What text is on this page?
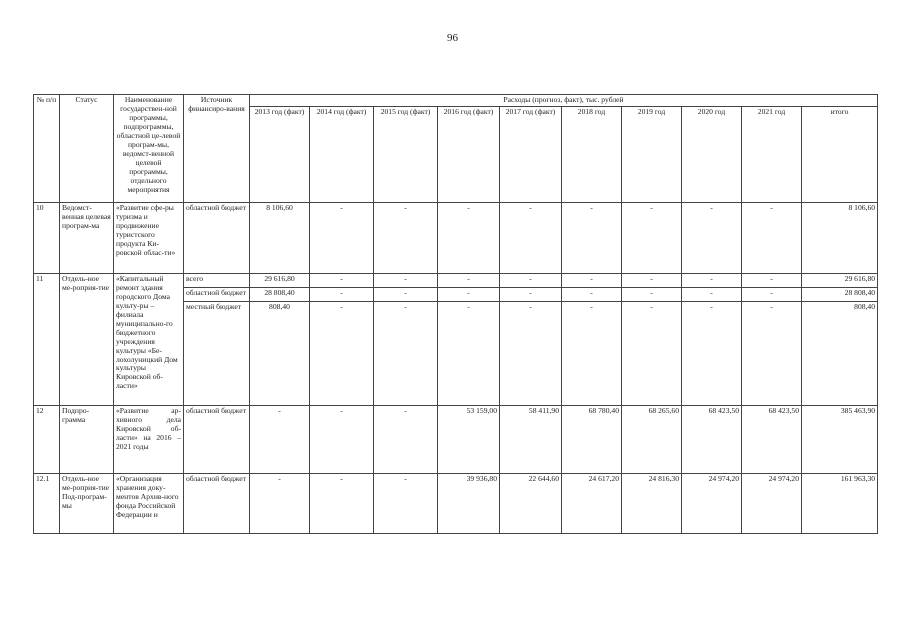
96
№ п/п	Статус	Наименование государствен-ной программы, подпрограммы, областной це-левой програм-мы, ведомст-венной целевой программы, отдельного мероприятия	Источник финансиро-вания	Расходы (прогноз, факт), тыс. рублей									
				2013 год (факт)	2014 год (факт)	2015 год (факт)	2016 год (факт)	2017 год (факт)	2018 год	2019 год	2020 год	2021 год	итого
10	Ведомст-венная целевая програм-ма	«Развитие сфе-ры туризма и продвижение туристского продукта Ки-ровской облас-ти»	областной бюджет	8 106,60	-	-	-	-	-	-	-	-	8 106,60
11	Отдель-ное ме-роприя-тие	«Капитальный ремонт здания городского Дома культу-ры – филиала муниципально-го бюджетного учреждения культуры «Бе-лохолуницкий Дом культуры Кировской об-ласти»	всего	29 616,80	-	-	-	-	-	-	-	-	29 616,80
			областной бюджет	28 808,40	-	-	-	-	-	-	-	-	28 808,40
			местный бюджет	808,40	-	-	-	-	-	-	-	-	808,40
12	Подпро-грамма	«Развитие ар-хивного дела Кировской об-ласти» на 2016 – 2021 годы	областной бюджет	-	-	-	53 159,00	58 411,90	68 780,40	68 265,60	68 423,50	68 423,50	385 463,90
12.1	Отдель-ное ме-роприя-тие Под-програм-мы	«Организация хранения доку-ментов Архив-ного фонда Российской Федерации и	областной бюджет	-	-	-	39 936,80	22 644,60	24 617,20	24 816,30	24 974,20	24 974,20	161 963,30
